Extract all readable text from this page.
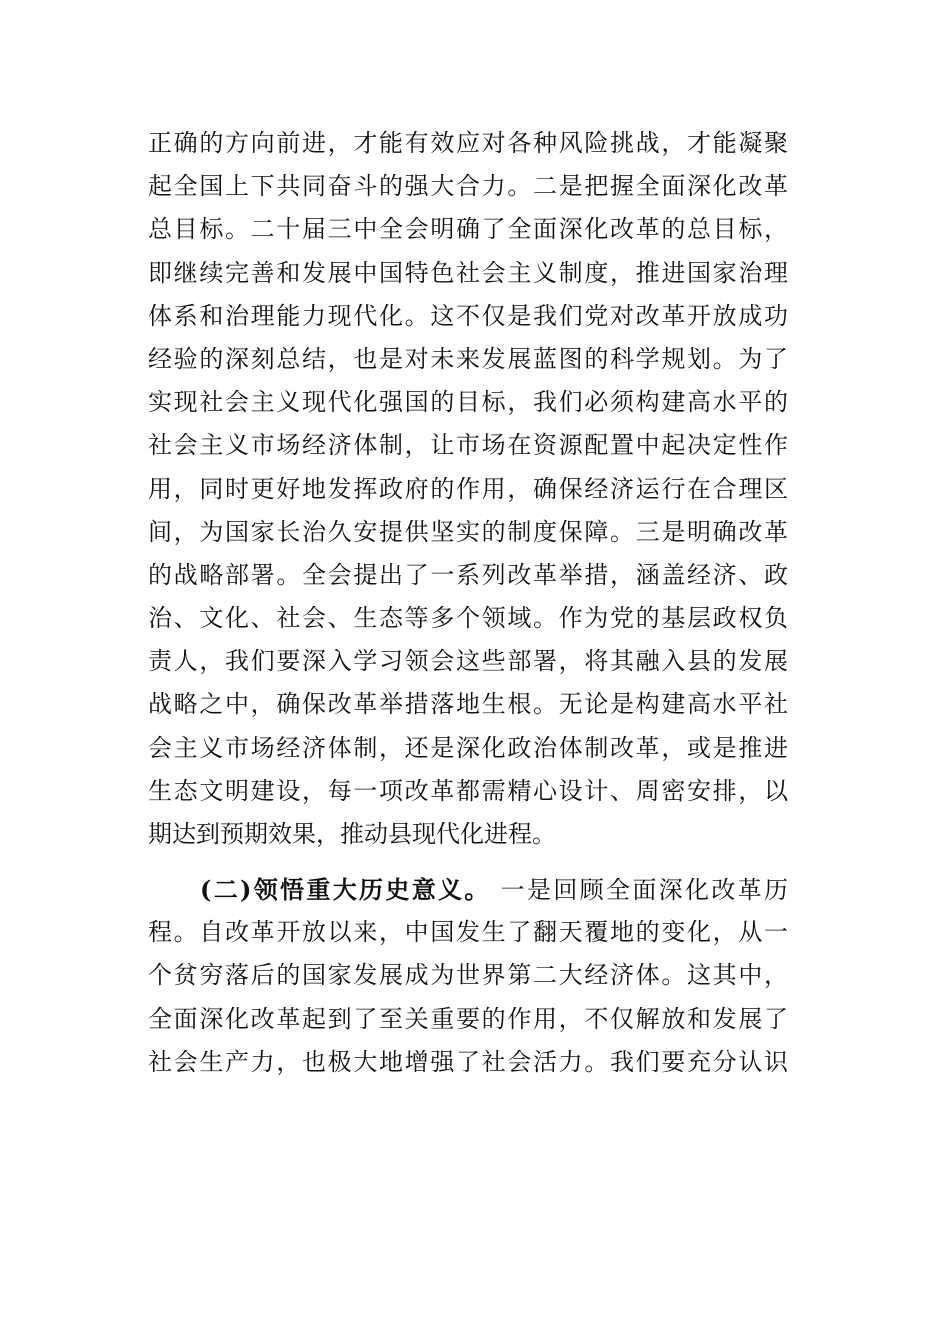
正确的方向前进，才能有效应对各种风险挑战，才能凝聚
起全国上下共同奋斗的强大合力。二是把握全面深化改革
总目标。二十届三中全会明确了全面深化改革的总目标，
即继续完善和发展中国特色社会主义制度，推进国家治理
体系和治理能力现代化。这不仅是我们党对改革开放成功
经验的深刻总结，也是对未来发展蓝图的科学规划。为了
实现社会主义现代化强国的目标，我们必须构建高水平的
社会主义市场经济体制，让市场在资源配置中起决定性作
用，同时更好地发挥政府的作用，确保经济运行在合理区
间，为国家长治久安提供坚实的制度保障。三是明确改革
的战略部署。全会提出了一系列改革举措，涵盖经济、政
治、文化、社会、生态等多个领域。作为党的基层政权负
责人，我们要深入学习领会这些部署，将其融入县的发展
战略之中，确保改革举措落地生根。无论是构建高水平社
会主义市场经济体制，还是深化政治体制改革，或是推进
生态文明建设，每一项改革都需精心设计、周密安排，以
期达到预期效果，推动县现代化进程。
(二)领悟重大历史意义。 一是回顾全面深化改革历
程。自改革开放以来，中国发生了翻天覆地的变化，从一
个贫穷落后的国家发展成为世界第二大经济体。这其中，
全面深化改革起到了至关重要的作用，不仅解放和发展了
社会生产力，也极大地增强了社会活力。我们要充分认识
